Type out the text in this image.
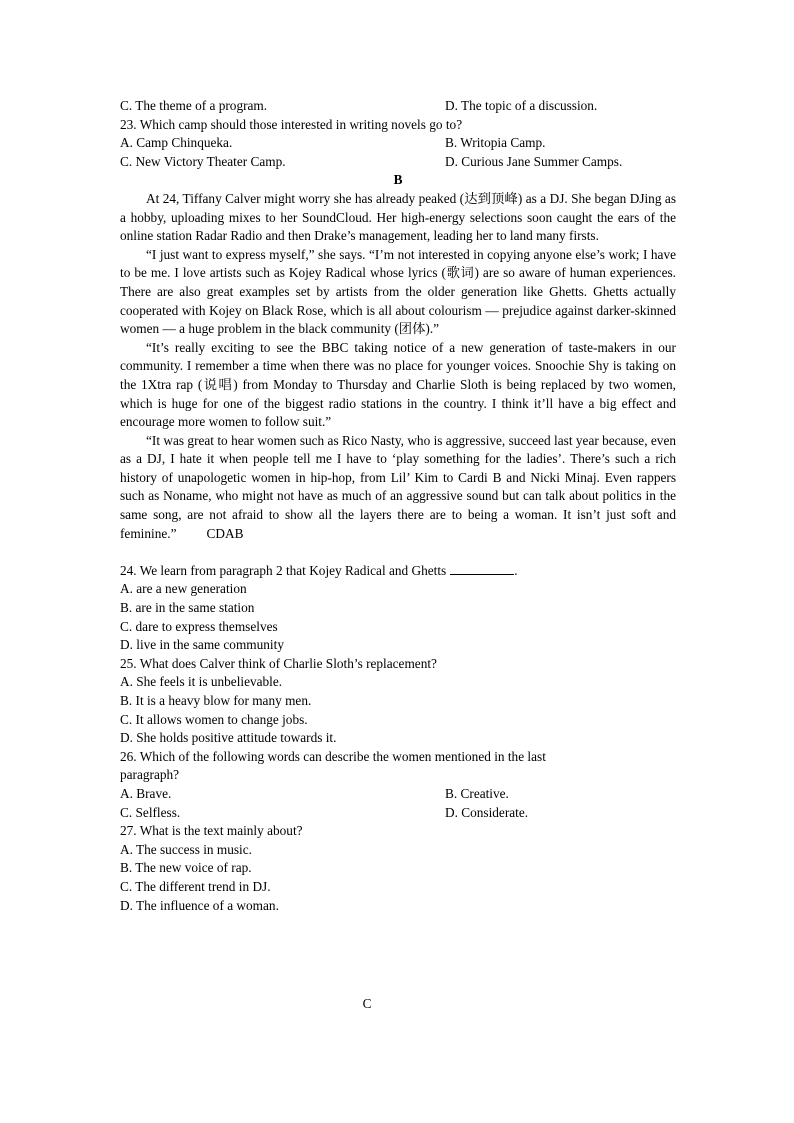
C. The theme of a program.	D. The topic of a discussion.
23. Which camp should those interested in writing novels go to?
A. Camp Chinqueka.	B. Writopia Camp.
C. New Victory Theater Camp.	D. Curious Jane Summer Camps.
B

At 24, Tiffany Calver might worry she has already peaked (达到顶峰) as a DJ. She began DJing as a hobby, uploading mixes to her SoundCloud. Her high-energy selections soon caught the ears of the online station Radar Radio and then Drake’s management, leading her to land many firsts.

“I just want to express myself,” she says. “I’m not interested in copying anyone else’s work; I have to be me. I love artists such as Kojey Radical whose lyrics (歌词) are so aware of human experiences. There are also great examples set by artists from the older generation like Ghetts. Ghetts actually cooperated with Kojey on Black Rose, which is all about colourism — prejudice against darker-skinned women — a huge problem in the black community (团体).”

“It’s really exciting to see the BBC taking notice of a new generation of taste-makers in our community. I remember a time when there was no place for younger voices. Snoochie Shy is taking on the 1Xtra rap (说唱) from Monday to Thursday and Charlie Sloth is being replaced by two women, which is huge for one of the biggest radio stations in the country. I think it’ll have a big effect and encourage more women to follow suit.”

“It was great to hear women such as Rico Nasty, who is aggressive, succeed last year because, even as a DJ, I hate it when people tell me I have to ‘play something for the ladies’. There’s such a rich history of unapologetic women in hip-hop, from Lil’ Kim to Cardi B and Nicki Minaj. Even rappers such as Noname, who might not have as much of an aggressive sound but can talk about politics in the same song, are not afraid to show all the layers there are to being a woman. It isn’t just soft and feminine.” CDAB

24. We learn from paragraph 2 that Kojey Radical and Ghetts	.
A. are a new generation
B. are in the same station
C. dare to express themselves
D. live in the same community
25. What does Calver think of Charlie Sloth’s replacement?
A. She feels it is unbelievable.
B. It is a heavy blow for many men.
C. It allows women to change jobs.
D. She holds positive attitude towards it.
26. Which of the following words can describe the women mentioned in the last
paragraph?
A. Brave.	B. Creative.
C. Selfless.	D. Considerate.
27. What is the text mainly about?
A. The success in music.
B. The new voice of rap.
C. The different trend in DJ.
D. The influence of a woman.
C
